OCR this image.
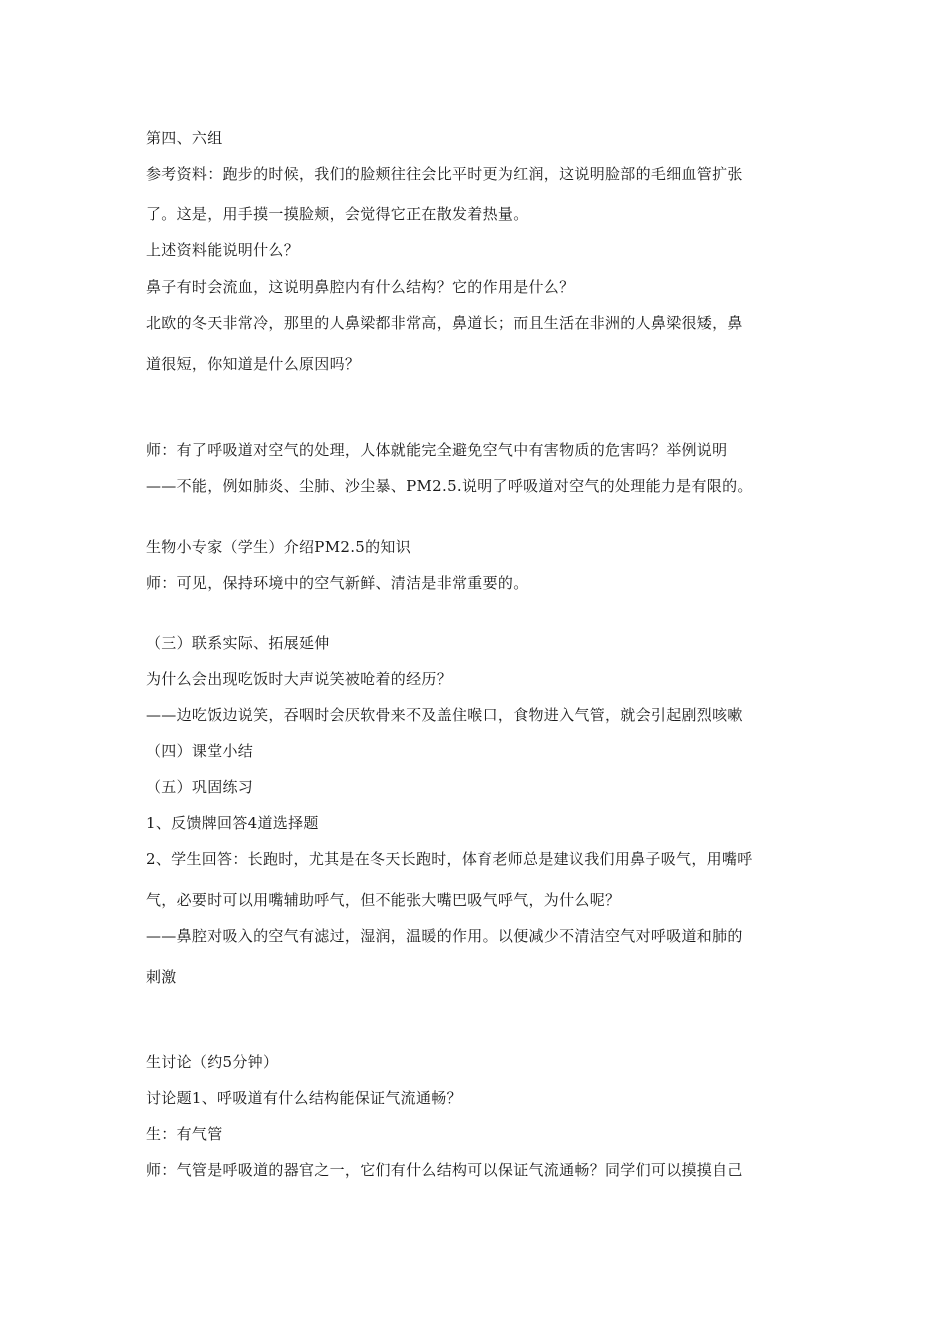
第四、六组
参考资料：跑步的时候，我们的脸颊往往会比平时更为红润，这说明脸部的毛细血管扩张
了。这是，用手摸一摸脸颊，会觉得它正在散发着热量。
上述资料能说明什么？
鼻子有时会流血，这说明鼻腔内有什么结构？它的作用是什么？
北欧的冬天非常冷，那里的人鼻梁都非常高，鼻道长；而且生活在非洲的人鼻梁很矮，鼻
道很短，你知道是什么原因吗？
师：有了呼吸道对空气的处理，人体就能完全避免空气中有害物质的危害吗？举例说明
——不能，例如肺炎、尘肺、沙尘暴、PM2.5.说明了呼吸道对空气的处理能力是有限的。
生物小专家（学生）介绍PM2.5的知识
师：可见，保持环境中的空气新鲜、清洁是非常重要的。
（三）联系实际、拓展延伸
为什么会出现吃饭时大声说笑被呛着的经历？
——边吃饭边说笑，吞咽时会厌软骨来不及盖住喉口，食物进入气管，就会引起剧烈咳嗽
（四）课堂小结
（五）巩固练习
1、反馈牌回答4道选择题
2、学生回答：长跑时，尤其是在冬天长跑时，体育老师总是建议我们用鼻子吸气，用嘴呼
气，必要时可以用嘴辅助呼气，但不能张大嘴巴吸气呼气，为什么呢？
——鼻腔对吸入的空气有滤过，湿润，温暖的作用。以便减少不清洁空气对呼吸道和肺的
刺激
生讨论（约5分钟）
讨论题1、呼吸道有什么结构能保证气流通畅？
生：有气管
师：气管是呼吸道的器官之一，它们有什么结构可以保证气流通畅？同学们可以摸摸自己
